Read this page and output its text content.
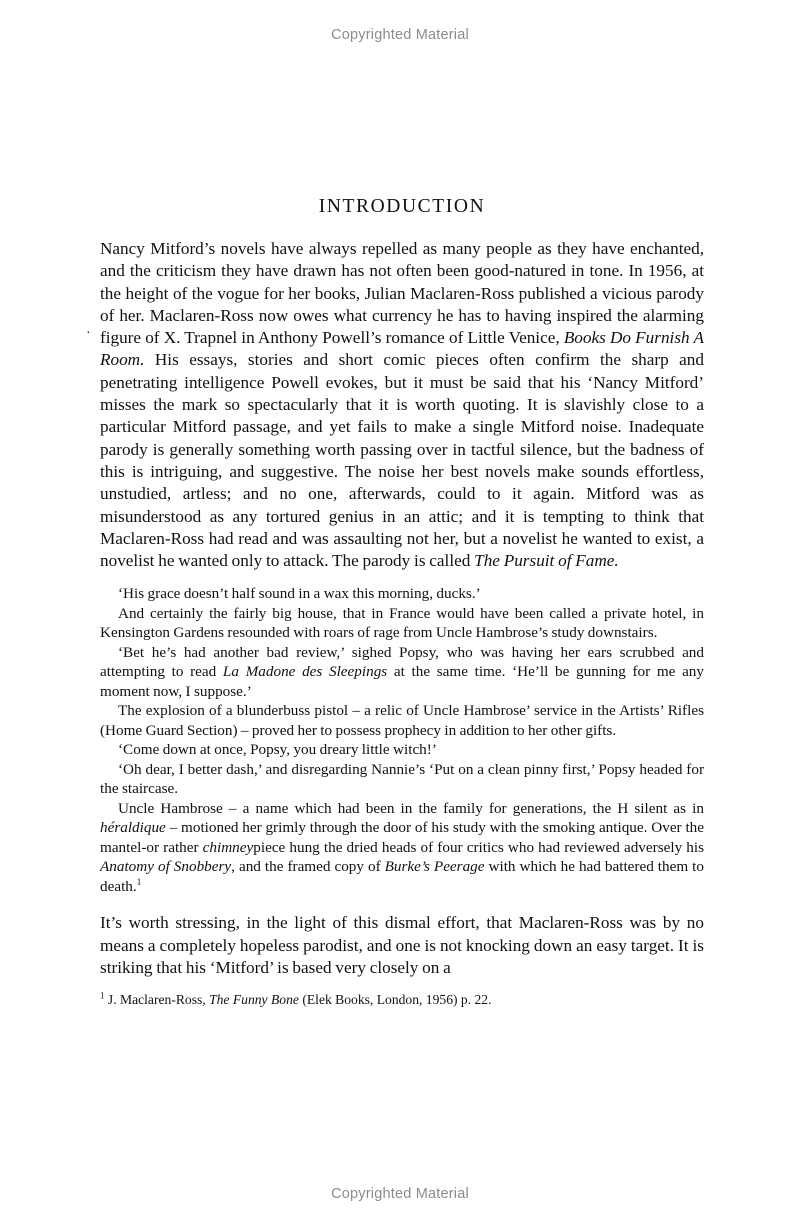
Copyrighted Material
INTRODUCTION

·
Nancy Mitford’s novels have always repelled as many people as they have enchanted, and the criticism they have drawn has not often been good-natured in tone. In 1956, at the height of the vogue for her books, Julian Maclaren-Ross published a vicious parody of her. Maclaren-Ross now owes what currency he has to having inspired the alarming figure of X. Trapnel in Anthony Powell’s romance of Little Venice, Books Do Furnish A Room. His essays, stories and short comic pieces often confirm the sharp and penetrating intelligence Powell evokes, but it must be said that his ‘Nancy Mitford’ misses the mark so spectacularly that it is worth quoting. It is slavishly close to a particular Mitford passage, and yet fails to make a single Mitford noise. Inadequate parody is generally something worth passing over in tactful silence, but the badness of this is intriguing, and suggestive. The noise her best novels make sounds effortless, unstudied, artless; and no one, afterwards, could to it again. Mitford was as misunderstood as any tortured genius in an attic; and it is tempting to think that Maclaren-Ross had read and was assaulting not her, but a novelist he wanted to exist, a novelist he wanted only to attack. The parody is called The Pursuit of Fame.

‘His grace doesn’t half sound in a wax this morning, ducks.’

And certainly the fairly big house, that in France would have been called a private hotel, in Kensington Gardens resounded with roars of rage from Uncle Hambrose’s study downstairs.

‘Bet he’s had another bad review,’ sighed Popsy, who was having her ears scrubbed and attempting to read La Madone des Sleepings at the same time. ‘He’ll be gunning for me any moment now, I suppose.’

The explosion of a blunderbuss pistol – a relic of Uncle Hambrose’ service in the Artists’ Rifles (Home Guard Section) – proved her to possess prophecy in addition to her other gifts.

‘Come down at once, Popsy, you dreary little witch!’

‘Oh dear, I better dash,’ and disregarding Nannie’s ‘Put on a clean pinny first,’ Popsy headed for the staircase.

Uncle Hambrose – a name which had been in the family for generations, the H silent as in héraldique – motioned her grimly through the door of his study with the smoking antique. Over the mantel-or rather chimneypiece hung the dried heads of four critics who had reviewed adversely his Anatomy of Snobbery, and the framed copy of Burke’s Peerage with which he had battered them to death.$^1$

It’s worth stressing, in the light of this dismal effort, that Maclaren-Ross was by no means a completely hopeless parodist, and one is not knocking down an easy target. It is striking that his ‘Mitford’ is based very closely on a

$^1$ J. Maclaren-Ross, The Funny Bone (Elek Books, London, 1956) p. 22.

Copyrighted Material
